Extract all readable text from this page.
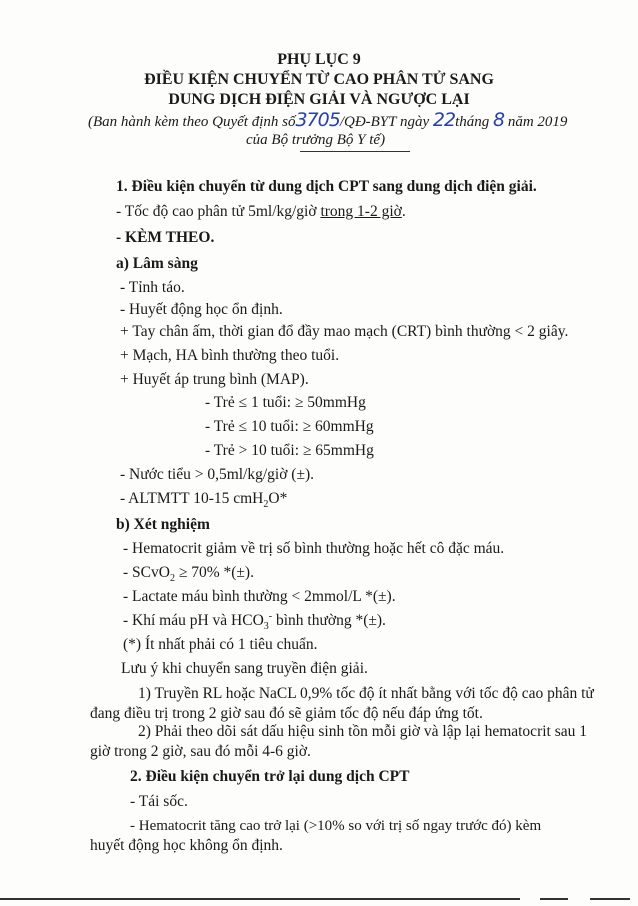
PHỤ LỤC 9
ĐIỀU KIỆN CHUYỂN TỪ CAO PHÂN TỬ SANG
DUNG DỊCH ĐIỆN GIẢI VÀ NGƯỢC LẠI
(Ban hành kèm theo Quyết định số3705/QĐ-BYT ngày 22tháng 8 năm 2019
của Bộ trưởng Bộ Y tế)
1. Điều kiện chuyển từ dung dịch CPT sang dung dịch điện giải.
- Tốc độ cao phân tử 5ml/kg/giờ trong 1-2 giờ.
- KÈM THEO.
a) Lâm sàng
- Tỉnh táo.
- Huyết động học ổn định.
+ Tay chân ấm, thời gian đổ đầy mao mạch (CRT) bình thường < 2 giây.
+ Mạch, HA bình thường theo tuổi.
+ Huyết áp trung bình (MAP).
- Trẻ ≤ 1 tuổi: ≥ 50mmHg
- Trẻ ≤ 10 tuổi: ≥ 60mmHg
- Trẻ > 10 tuổi: ≥ 65mmHg
- Nước tiểu > 0,5ml/kg/giờ (±).
- ALTMTT 10-15 cmH$_2$O*
b) Xét nghiệm
- Hematocrit giảm về trị số bình thường hoặc hết cô đặc máu.
- SCvO$_2$ ≥ 70% *(±).
- Lactate máu bình thường < 2mmol/L *(±).
- Khí máu pH và $HCO_3^-$ bình thường *(±).
(*) Ít nhất phải có 1 tiêu chuẩn.
Lưu ý khi chuyển sang truyền điện giải.
1) Truyền RL hoặc NaCL 0,9% tốc độ ít nhất bằng với tốc độ cao phân tử
đang điều trị trong 2 giờ sau đó sẽ giảm tốc độ nếu đáp ứng tốt.
2) Phải theo dõi sát dấu hiệu sinh tồn mỗi giờ và lập lại hematocrit sau 1
giờ trong 2 giờ, sau đó mỗi 4-6 giờ.
2. Điều kiện chuyển trở lại dung dịch CPT
- Tái sốc.
- Hematocrit tăng cao trở lại (>10% so với trị số ngay trước đó) kèm
huyết động học không ổn định.
